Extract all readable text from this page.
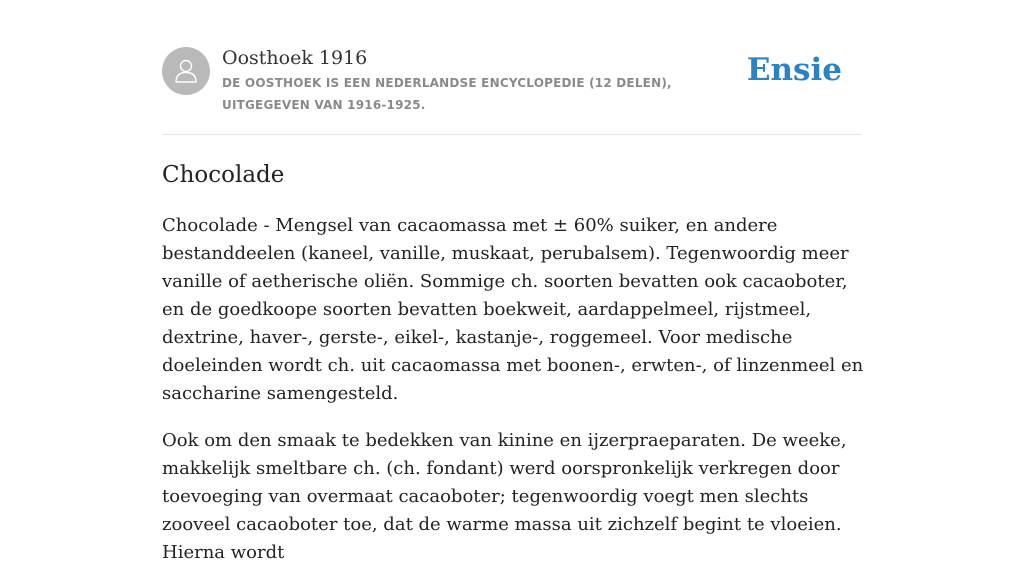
Oosthoek 1916
DE OOSTHOEK IS EEN NEDERLANDSE ENCYCLOPEDIE (12 DELEN), UITGEGEVEN VAN 1916-1925.
Ensie
Chocolade

Chocolade - Mengsel van cacaomassa met ± 60% suiker, en andere bestanddeelen (kaneel, vanille, muskaat, perubalsem). Tegenwoordig meer vanille of aetherische oliën. Sommige ch. soorten bevatten ook cacaoboter, en de goedkoope soorten bevatten boekweit, aardappelmeel, rijstmeel, dextrine, haver-, gerste-, eikel-, kastanje-, roggemeel. Voor medische doeleinden wordt ch. uit cacaomassa met boonen-, erwten-, of linzenmeel en saccharine samengesteld.

Ook om den smaak te bedekken van kinine en ijzerpraeparaten. De weeke, makkelijk smeltbare ch. (ch. fondant) werd oorspronkelijk verkregen door toevoeging van overmaat cacaoboter; tegenwoordig voegt men slechts zooveel cacaoboter toe, dat de warme massa uit zichzelf begint te vloeien. Hierna wordt
